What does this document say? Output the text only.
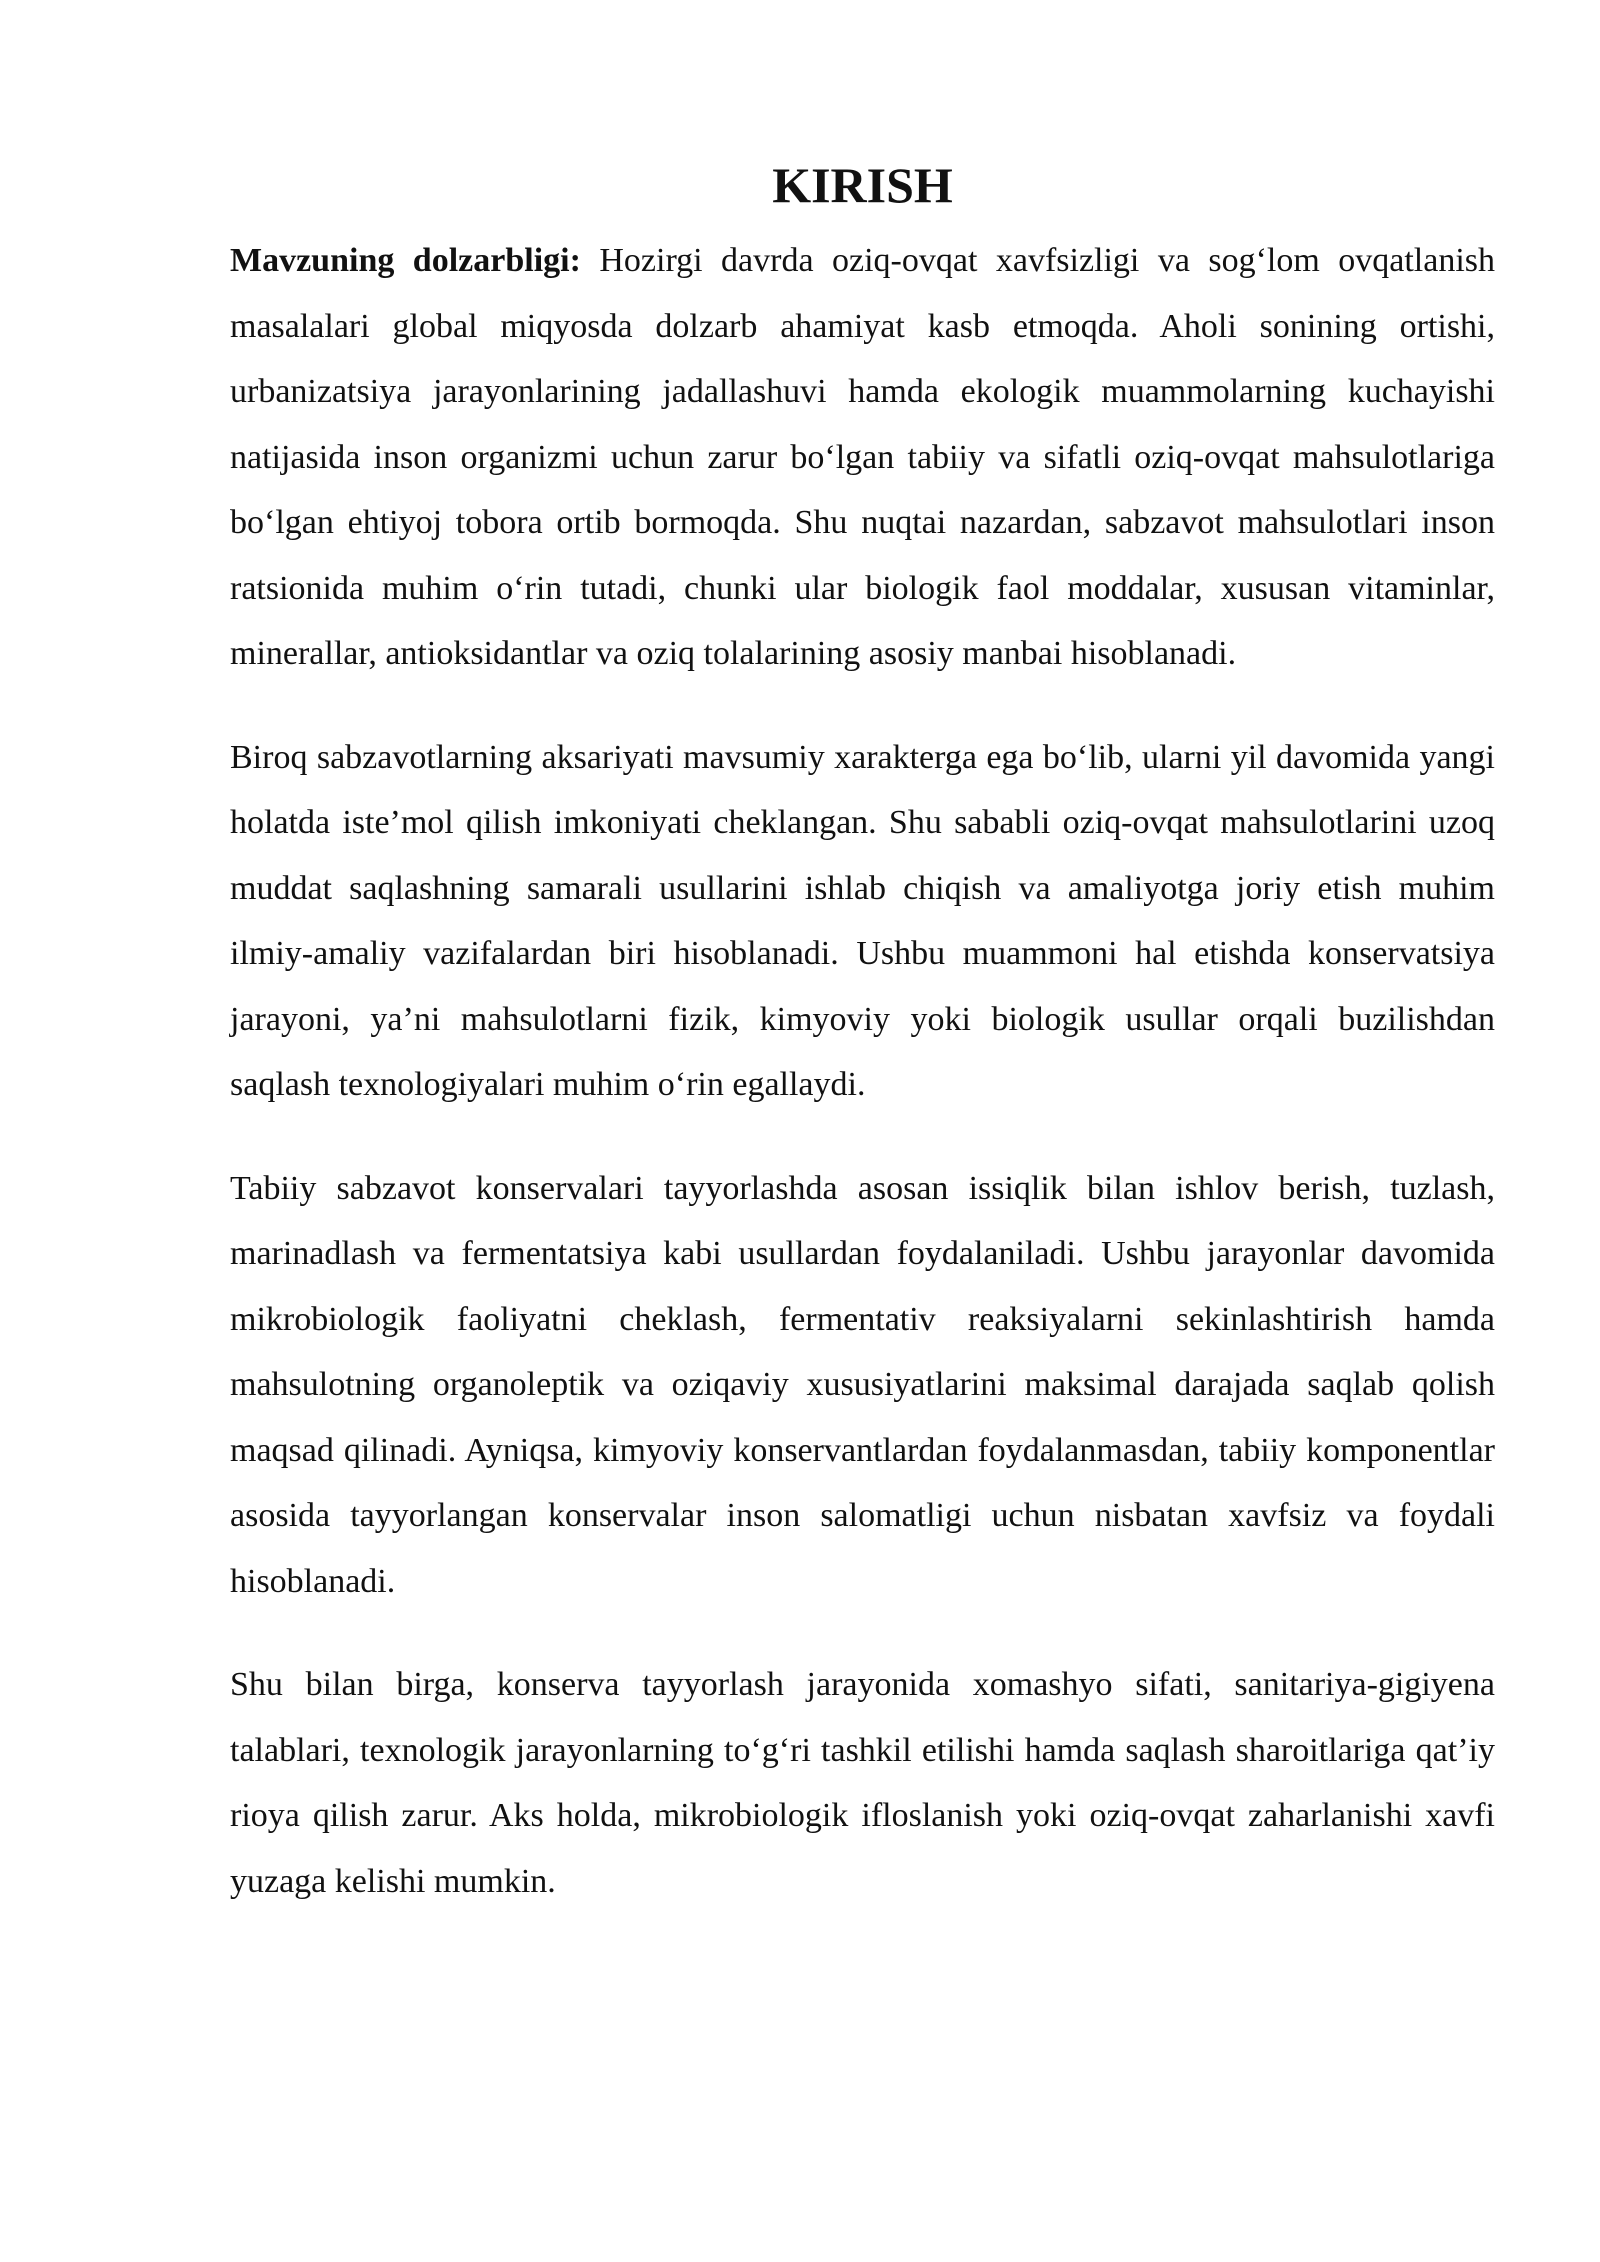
KIRISH

Mavzuning dolzarbligi: Hozirgi davrda oziq-ovqat xavfsizligi va sog‘lom ovqatlanish masalalari global miqyosda dolzarb ahamiyat kasb etmoqda. Aholi sonining ortishi, urbanizatsiya jarayonlarining jadallashuvi hamda ekologik muammolarning kuchayishi natijasida inson organizmi uchun zarur bo‘lgan tabiiy va sifatli oziq-ovqat mahsulotlariga bo‘lgan ehtiyoj tobora ortib bormoqda. Shu nuqtai nazardan, sabzavot mahsulotlari inson ratsionida muhim o‘rin tutadi, chunki ular biologik faol moddalar, xususan vitaminlar, minerallar, antioksidantlar va oziq tolalarining asosiy manbai hisoblanadi.

Biroq sabzavotlarning aksariyati mavsumiy xarakterga ega bo‘lib, ularni yil davomida yangi holatda iste’mol qilish imkoniyati cheklangan. Shu sababli oziq-ovqat mahsulotlarini uzoq muddat saqlashning samarali usullarini ishlab chiqish va amaliyotga joriy etish muhim ilmiy-amaliy vazifalardan biri hisoblanadi. Ushbu muammoni hal etishda konservatsiya jarayoni, ya’ni mahsulotlarni fizik, kimyoviy yoki biologik usullar orqali buzilishdan saqlash texnologiyalari muhim o‘rin egallaydi.

Tabiiy sabzavot konservalari tayyorlashda asosan issiqlik bilan ishlov berish, tuzlash, marinadlash va fermentatsiya kabi usullardan foydalaniladi. Ushbu jarayonlar davomida mikrobiologik faoliyatni cheklash, fermentativ reaksiyalarni sekinlashtirish hamda mahsulotning organoleptik va oziqaviy xususiyatlarini maksimal darajada saqlab qolish maqsad qilinadi. Ayniqsa, kimyoviy konservantlardan foydalanmasdan, tabiiy komponentlar asosida tayyorlangan konservalar inson salomatligi uchun nisbatan xavfsiz va foydali hisoblanadi.

Shu bilan birga, konserva tayyorlash jarayonida xomashyo sifati, sanitariya-gigiyena talablari, texnologik jarayonlarning to‘g‘ri tashkil etilishi hamda saqlash sharoitlariga qat’iy rioya qilish zarur. Aks holda, mikrobiologik ifloslanish yoki oziq-ovqat zaharlanishi xavfi yuzaga kelishi mumkin.
